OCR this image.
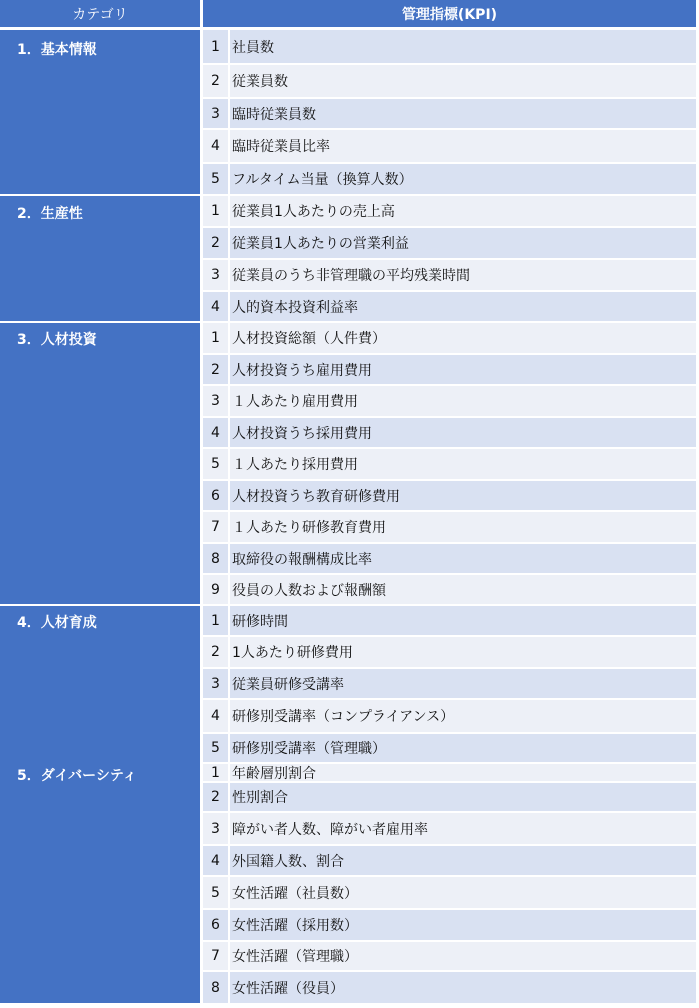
カテゴリ	管理指標(KPI)
1．基本情報
2．生産性
3．人材投資
4．人材育成
5．ダイバーシティ
1 社員数
2 従業員数
3 臨時従業員数
4 臨時従業員比率
5 フルタイム当量（換算人数）
1 従業員1人あたりの売上高
2 従業員1人あたりの営業利益
3 従業員のうち非管理職の平均残業時間
4 人的資本投資利益率
1 人材投資総額（人件費）
2 人材投資うち雇用費用
3 １人あたり雇用費用
4 人材投資うち採用費用
5 １人あたり採用費用
6 人材投資うち教育研修費用
7 １人あたり研修教育費用
8 取締役の報酬構成比率
9 役員の人数および報酬額
1 研修時間
2 1人あたり研修費用
3 従業員研修受講率
4 研修別受講率（コンプライアンス）
5 研修別受講率（管理職）
1 年齢層別割合
2 性別割合
3 障がい者人数、障がい者雇用率
4 外国籍人数、割合
5 女性活躍（社員数）
6 女性活躍（採用数）
7 女性活躍（管理職）
8 女性活躍（役員）
